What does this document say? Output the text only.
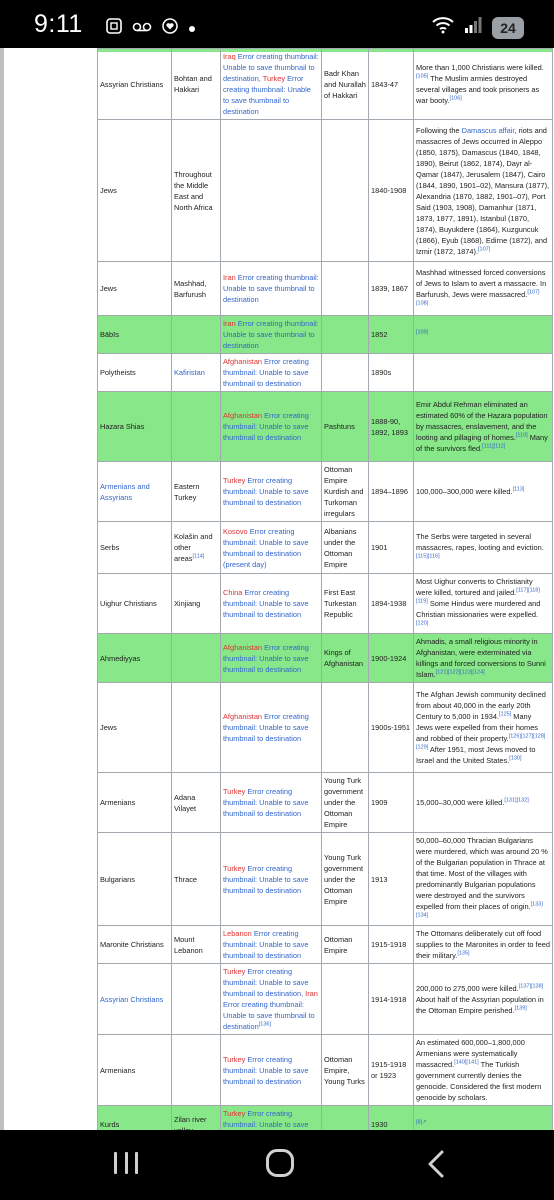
9:11	24
Assyrian Christians	Bohtan and Hakkari	Iraq Error creating thumbnail: Unable to save thumbnail to destination, Turkey Error creating thumbnail: Unable to save thumbnail to destination	Badr Khan and Nurallah of Hakkari	1843-47	More than 1,000 Christians were killed.[105] The Muslim armies destroyed several villages and took prisoners as war booty.[106]
Jews	Throughout the Middle East and North Africa			1840-1908	Following the Damascus affair, riots and massacres of Jews occurred in Aleppo (1850, 1875), Damascus (1840, 1848, 1890), Beirut (1862, 1874), Dayr al-Qamar (1847), Jerusalem (1847), Cairo (1844, 1890, 1901–02), Mansura (1877), Alexandria (1870, 1882, 1901–07), Port Said (1903, 1908), Damanhur (1871, 1873, 1877, 1891), Istanbul (1870, 1874), Buyukdere (1864), Kuzguncuk (1866), Eyub (1868), Edirne (1872), and Izmir (1872, 1874).[107]
Jews	Mashhad, Barfurush	Iran Error creating thumbnail: Unable to save thumbnail to destination		1839, 1867	Mashhad witnessed forced conversions of Jews to Islam to avert a massacre. In Barfurush, Jews were massacred.[107][108]
Bābīs		Iran Error creating thumbnail: Unable to save thumbnail to destination		1852	[109]
Polytheists	Kafiristan	Afghanistan Error creating thumbnail: Unable to save thumbnail to destination		1890s	
Hazara Shias		Afghanistan Error creating thumbnail: Unable to save thumbnail to destination	Pashtuns	1888-90, 1892, 1893	Emir Abdul Rehman eliminated an estimated 60% of the Hazara population by massacres, enslavement, and the looting and pillaging of homes.[110] Many of the survivors fled.[111][112]
Armenians and Assyrians	Eastern Turkey	Turkey Error creating thumbnail: Unable to save thumbnail to destination	Ottoman Empire Kurdish and Turkoman irregulars	1894–1896	100,000–300,000 were killed.[113]
Serbs	Kolašin and other areas[114]	Kosovo Error creating thumbnail: Unable to save thumbnail to destination (present day)	Albanians under the Ottoman Empire	1901	The Serbs were targeted in several massacres, rapes, looting and eviction.[115][116]
Uighur Christians	Xinjiang	China Error creating thumbnail: Unable to save thumbnail to destination	First East Turkestan Republic	1894-1938	Most Uighur converts to Christianity were killed, tortured and jailed.[117][118][119] Some Hindus were murdered and Christian missionaries were expelled.[120]
Ahmediyyas		Afghanistan Error creating thumbnail: Unable to save thumbnail to destination	Kings of Afghanistan	1900-1924	Ahmadis, a small religious minority in Afghanistan, were exterminated via killings and forced conversions to Sunni Islam.[121][122][123][124]
Jews		Afghanistan Error creating thumbnail: Unable to save thumbnail to destination		1900s-1951	The Afghan Jewish community declined from about 40,000 in the early 20th Century to 5,000 in 1934.[125] Many Jews were expelled from their homes and robbed of their property.[126][127][128][129] After 1951, most Jews moved to Israel and the United States.[130]
Armenians	Adana Vilayet	Turkey Error creating thumbnail: Unable to save thumbnail to destination	Young Turk government under the Ottoman Empire	1909	15,000–30,000 were killed.[131][132]
Bulgarians	Thrace	Turkey Error creating thumbnail: Unable to save thumbnail to destination	Young Turk government under the Ottoman Empire	1913	50,000–60,000 Thracian Bulgarians were murdered, which was around 20 % of the Bulgarian population in Thrace at that time. Most of the villages with predominantly Bulgarian populations were destroyed and the survivors expelled from their places of origin.[133][134]
Maronite Christians	Mount Lebanon	Lebanon Error creating thumbnail: Unable to save thumbnail to destination	Ottoman Empire	1915-1918	The Ottomans deliberately cut off food supplies to the Maronites in order to feed their military.[135]
Assyrian Christians		Turkey Error creating thumbnail: Unable to save thumbnail to destination, Iran Error creating thumbnail: Unable to save thumbnail to destination[136]		1914-1918	200,000 to 275,000 were killed.[137][138] About half of the Assyrian population in the Ottoman Empire perished.[139]
Armenians		Turkey Error creating thumbnail: Unable to save thumbnail to destination	Ottoman Empire, Young Turks	1915-1918 or 1923	An estimated 600,000–1,800,000 Armenians were systematically massacred.[140][141] The Turkish government currently denies the genocide. Considered the first modern genocide by scholars.
Kurds	Zilan river	Turkey Error creating thumbnail: Unable to save		1930	$^{[8]↗}$
